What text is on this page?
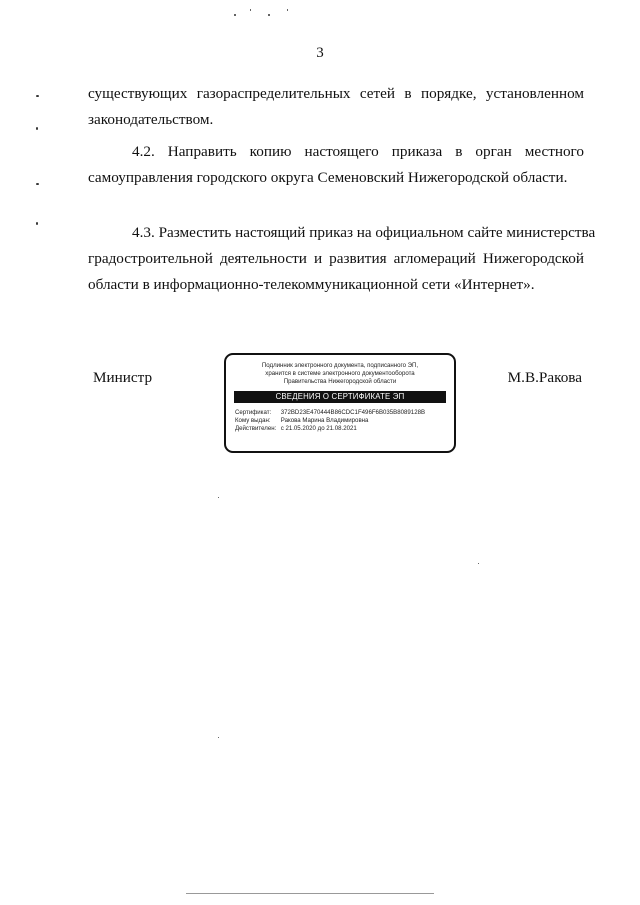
3
существующих газораспределительных сетей в порядке, установленном
законодательством.
4.2. Направить копию настоящего приказа в орган местного
самоуправления городского округа Семеновский Нижегородской области.
4.3. Разместить настоящий приказ на официальном сайте министерства
градостроительной деятельности и развития агломераций Нижегородской
области в информационно-телекоммуникационной сети «Интернет».
Министр
Подлинник электронного документа, подписанного ЭП,
хранится в системе электронного документооборота
Правительства Нижегородской области
СВЕДЕНИЯ О СЕРТИФИКАТЕ ЭП
Сертификат: 372BD23E470444B86CDC1F496F6B035B8089128B
Кому выдан: Ракова Марина Владимировна
Действителен: с 21.05.2020 до 21.08.2021
М.В.Ракова
